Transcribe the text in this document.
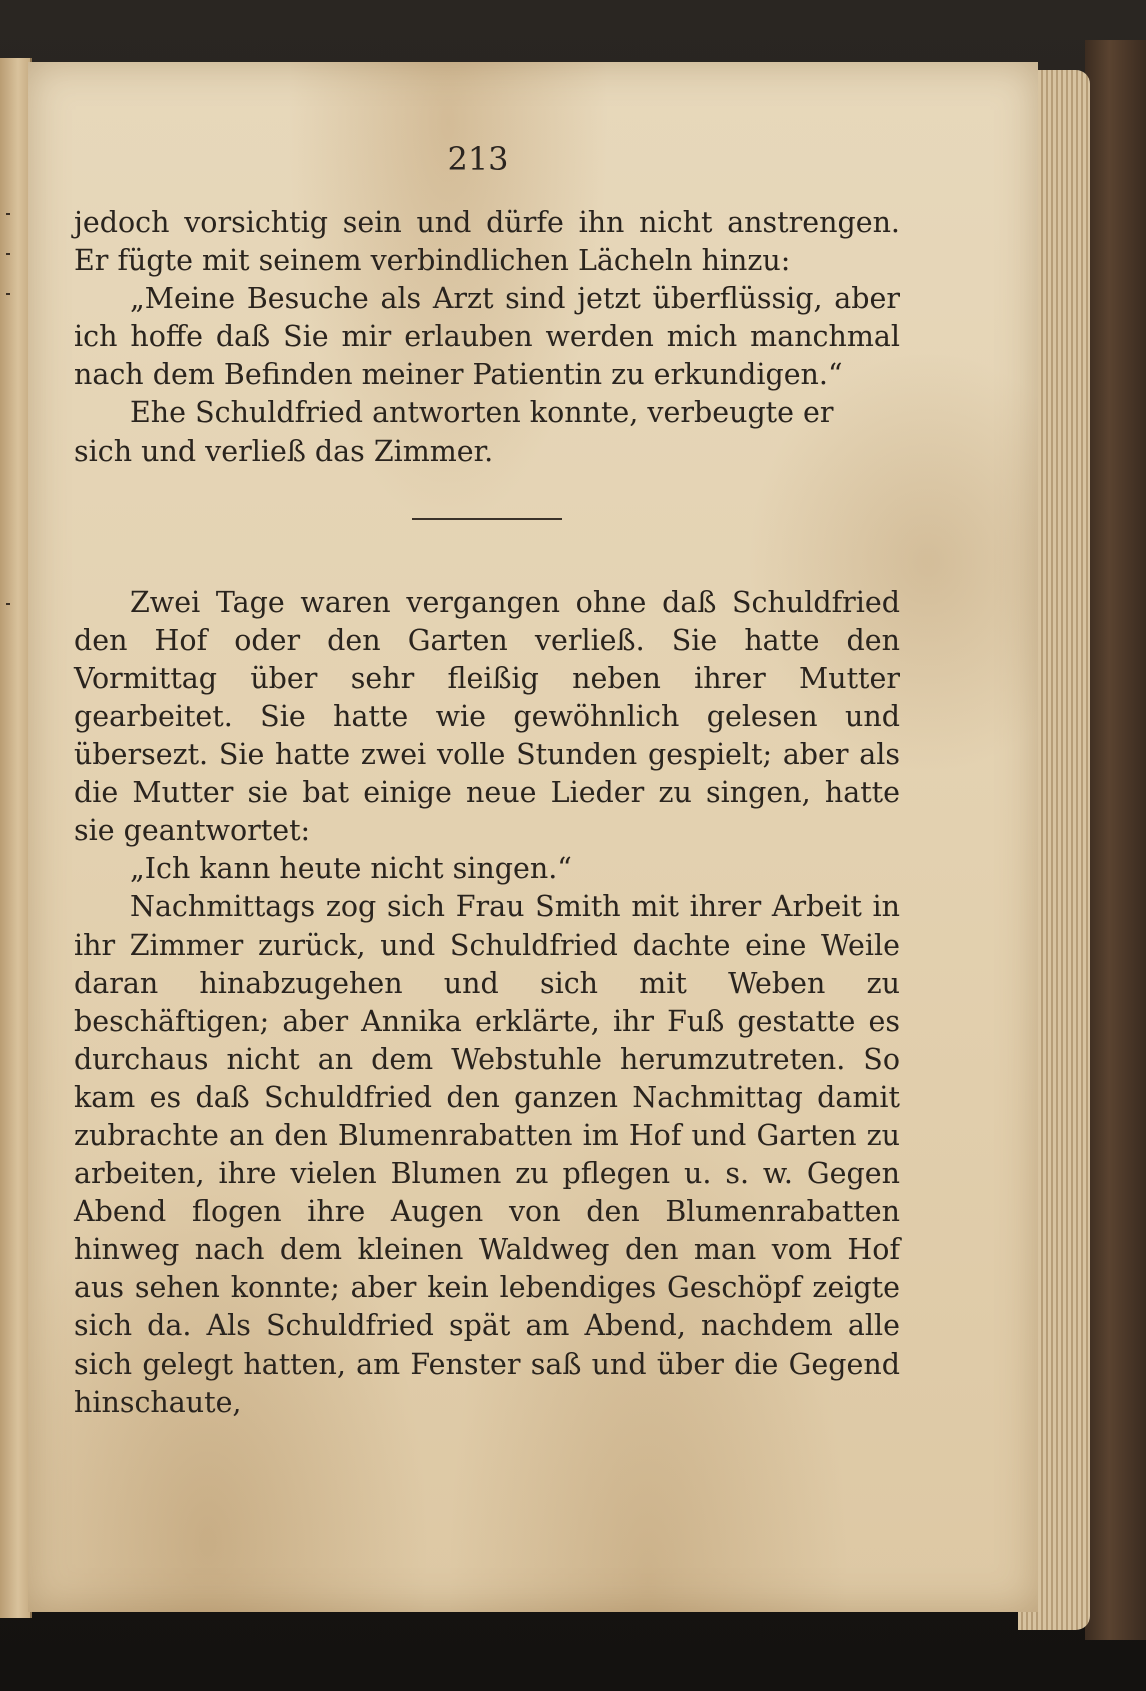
213

jedoch vorsichtig sein und dürfe ihn nicht anstrengen. Er fügte mit seinem verbindlichen Lächeln hinzu:

„Meine Besuche als Arzt sind jetzt überflüssig, aber ich hoffe daß Sie mir erlauben werden mich manchmal nach dem Befinden meiner Patientin zu erkundigen.“

Ehe Schuldfried antworten konnte, verbeugte er sich und verließ das Zimmer.

Zwei Tage waren vergangen ohne daß Schuldfried den Hof oder den Garten verließ. Sie hatte den Vormittag über sehr fleißig neben ihrer Mutter gearbeitet. Sie hatte wie gewöhnlich gelesen und übersezt. Sie hatte zwei volle Stunden gespielt; aber als die Mutter sie bat einige neue Lieder zu singen, hatte sie geantwortet:

„Ich kann heute nicht singen.“

Nachmittags zog sich Frau Smith mit ihrer Arbeit in ihr Zimmer zurück, und Schuldfried dachte eine Weile daran hinabzugehen und sich mit Weben zu beschäftigen; aber Annika erklärte, ihr Fuß gestatte es durchaus nicht an dem Webstuhle herumzutreten. So kam es daß Schuldfried den ganzen Nachmittag damit zubrachte an den Blumenrabatten im Hof und Garten zu arbeiten, ihre vielen Blumen zu pflegen u. s. w. Gegen Abend flogen ihre Augen von den Blumenrabatten hinweg nach dem kleinen Waldweg den man vom Hof aus sehen konnte; aber kein lebendiges Geschöpf zeigte sich da. Als Schuldfried spät am Abend, nachdem alle sich gelegt hatten, am Fenster saß und über die Gegend hinschaute,
